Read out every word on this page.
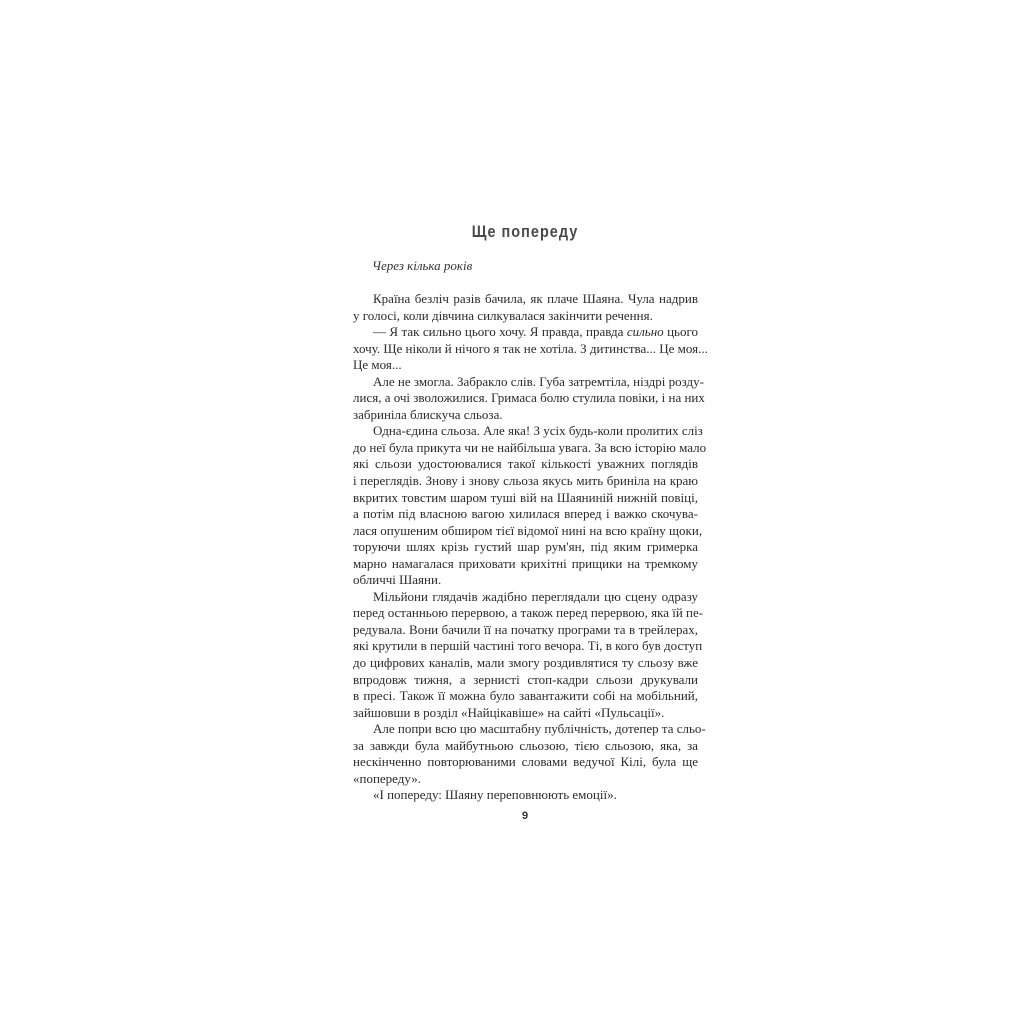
Ще попереду
Через кілька років
Країна безліч разів бачила, як плаче Шаяна. Чула надрив
у голосі, коли дівчина силкувалася закінчити речення.
— Я так сильно цього хочу. Я правда, правда сильно цього
хочу. Ще ніколи й нічого я так не хотіла. З дитинства... Це моя...
Це моя...
Але не змогла. Забракло слів. Губа затремтіла, ніздрі розду-
лися, а очі зволожилися. Гримаса болю стулила повіки, і на них
забриніла блискуча сльоза.
Одна-єдина сльоза. Але яка! З усіх будь-коли пролитих сліз
до неї була прикута чи не найбільша увага. За всю історію мало
які сльози удостоювалися такої кількості уважних поглядів
і переглядів. Знову і знову сльоза якусь мить бриніла на краю
вкритих товстим шаром туші вій на Шаяниній нижній повіці,
а потім під власною вагою хилилася вперед і важко скочува-
лася опушеним обширом тієї відомої нині на всю країну щоки,
торуючи шлях крізь густий шар рум'ян, під яким гримерка
марно намагалася приховати крихітні прищики на тремкому
обличчі Шаяни.
Мільйони глядачів жадібно переглядали цю сцену одразу
перед останньою перервою, а також перед перервою, яка їй пе-
редувала. Вони бачили її на початку програми та в трейлерах,
які крутили в першій частині того вечора. Ті, в кого був доступ
до цифрових каналів, мали змогу роздивлятися ту сльозу вже
впродовж тижня, а зернисті стоп-кадри сльози друкували
в пресі. Також її можна було завантажити собі на мобільний,
зайшовши в розділ «Найцікавіше» на сайті «Пульсації».
Але попри всю цю масштабну публічність, дотепер та сльо-
за завжди була майбутньою сльозою, тією сльозою, яка, за
нескінченно повторюваними словами ведучої Кілі, була ще
«попереду».
«І попереду: Шаяну переповнюють емоції».
9
